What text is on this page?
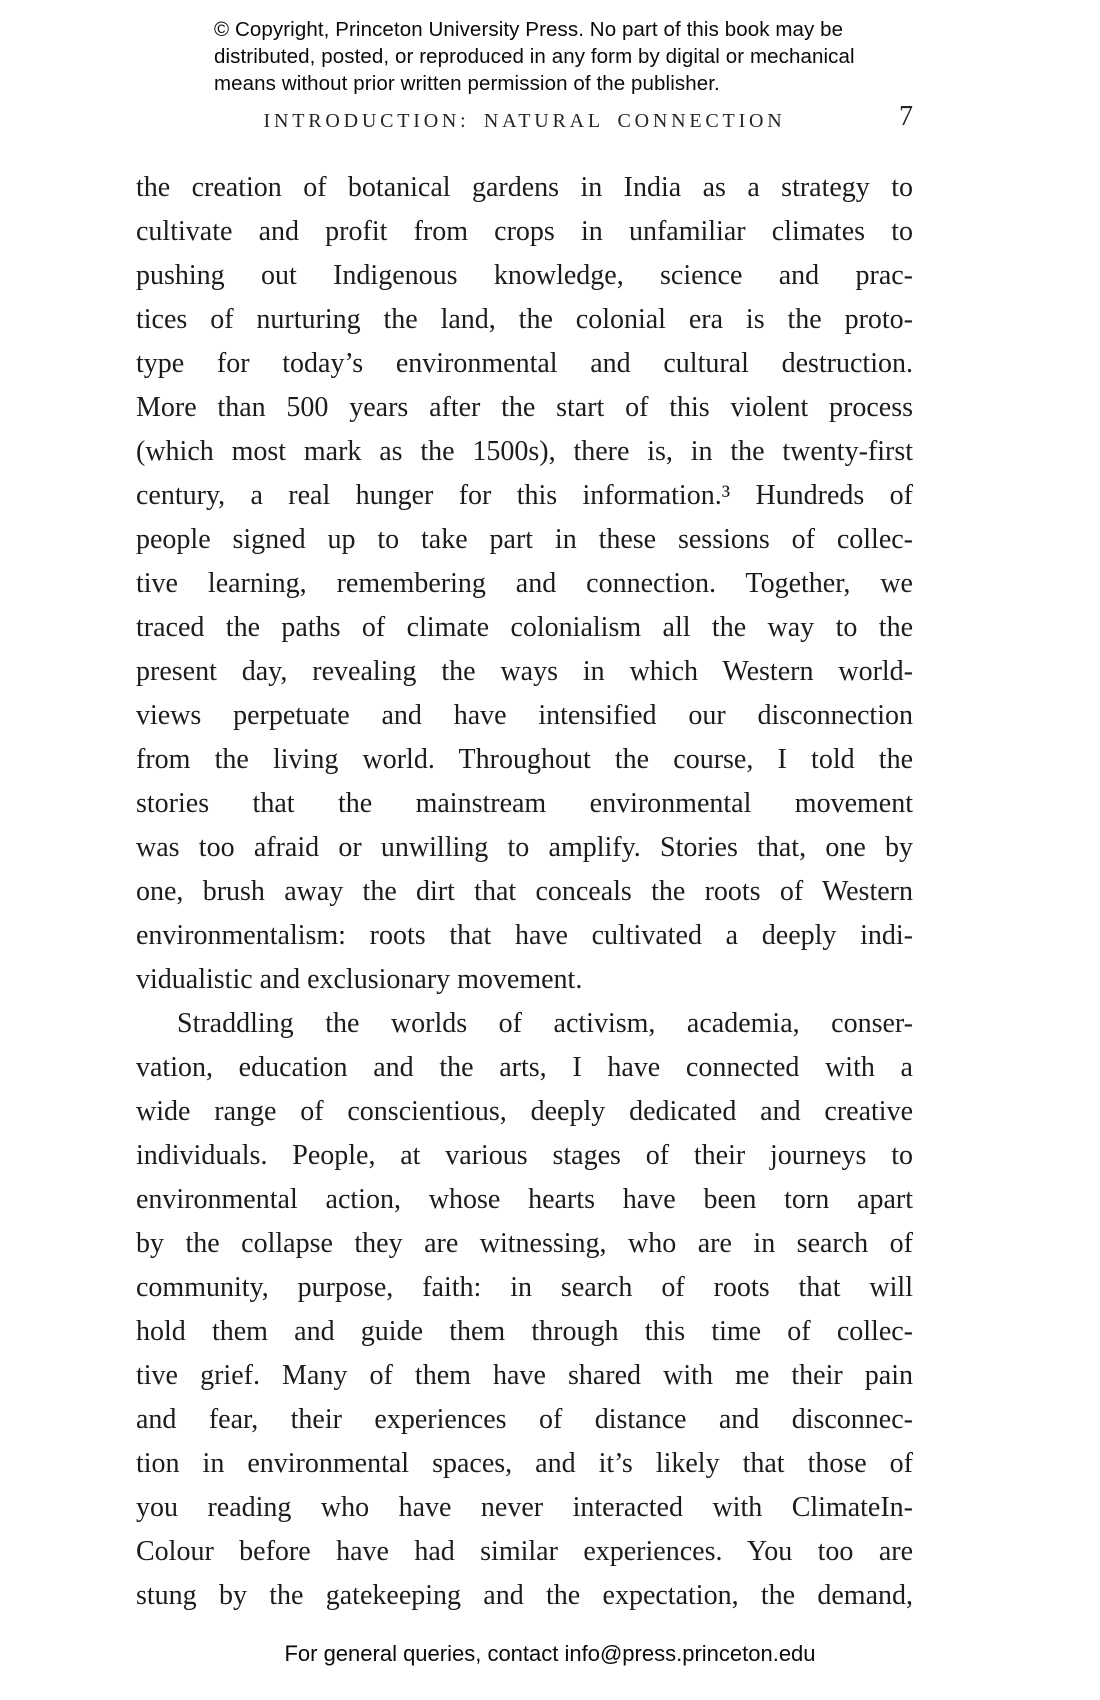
© Copyright, Princeton University Press. No part of this book may be
distributed, posted, or reproduced in any form by digital or mechanical
means without prior written permission of the publisher.
INTRODUCTION: NATURAL CONNECTION	7
the creation of botanical gardens in India as a strategy to
cultivate and profit from crops in unfamiliar climates to
pushing out Indigenous knowledge, science and prac-
tices of nurturing the land, the colonial era is the proto-
type for today’s environmental and cultural destruction.
More than 500 years after the start of this violent process
(which most mark as the 1500s), there is, in the twenty-first
century, a real hunger for this information.³ Hundreds of
people signed up to take part in these sessions of collec-
tive learning, remembering and connection. Together, we
traced the paths of climate colonialism all the way to the
present day, revealing the ways in which Western world-
views perpetuate and have intensified our disconnection
from the living world. Throughout the course, I told the
stories that the mainstream environmental movement
was too afraid or unwilling to amplify. Stories that, one by
one, brush away the dirt that conceals the roots of Western
environmentalism: roots that have cultivated a deeply indi-
vidualistic and exclusionary movement.
Straddling the worlds of activism, academia, conser-
vation, education and the arts, I have connected with a
wide range of conscientious, deeply dedicated and creative
individuals. People, at various stages of their journeys to
environmental action, whose hearts have been torn apart
by the collapse they are witnessing, who are in search of
community, purpose, faith: in search of roots that will
hold them and guide them through this time of collec-
tive grief. Many of them have shared with me their pain
and fear, their experiences of distance and disconnec-
tion in environmental spaces, and it’s likely that those of
you reading who have never interacted with ClimateIn-
Colour before have had similar experiences. You too are
stung by the gatekeeping and the expectation, the demand,
For general queries, contact info@press.princeton.edu
